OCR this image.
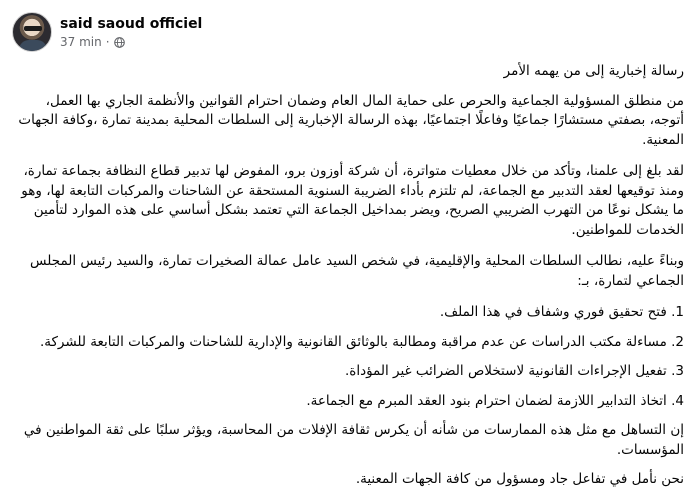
said saoud officiel
37 min ·

رسالة إخبارية إلى من يهمه الأمر

من منطلق المسؤولية الجماعية والحرص على حماية المال العام وضمان احترام القوانين والأنظمة الجاري بها العمل، أتوجه، بصفتي مستشارًا جماعيًا وفاعلًا اجتماعيًا، بهذه الرسالة الإخبارية إلى السلطات المحلية بمدينة تمارة ،وكافة الجهات المعنية.

لقد بلغ إلى علمنا، وتأكد من خلال معطيات متواترة، أن شركة أوزون برو، المفوض لها تدبير قطاع النظافة بجماعة تمارة، ومنذ توقيعها لعقد التدبير مع الجماعة، لم تلتزم بأداء الضريبة السنوية المستحقة عن الشاحنات والمركبات التابعة لها، وهو ما يشكل نوعًا من التهرب الضريبي الصريح، ويضر بمداخيل الجماعة التي تعتمد بشكل أساسي على هذه الموارد لتأمين الخدمات للمواطنين.

وبناءً عليه، نطالب السلطات المحلية والإقليمية، في شخص السيد عامل عمالة الصخيرات تمارة، والسيد رئيس المجلس الجماعي لتمارة، بـ:

1. فتح تحقيق فوري وشفاف في هذا الملف.

2. مساءلة مكتب الدراسات عن عدم مراقبة ومطالبة بالوثائق القانونية والإدارية للشاحنات والمركبات التابعة للشركة.

3. تفعيل الإجراءات القانونية لاستخلاص الضرائب غير المؤداة.

4. اتخاذ التدابير اللازمة لضمان احترام بنود العقد المبرم مع الجماعة.

إن التساهل مع مثل هذه الممارسات من شأنه أن يكرس ثقافة الإفلات من المحاسبة، ويؤثر سلبًا على ثقة المواطنين في المؤسسات.

نحن نأمل في تفاعل جاد ومسؤول من كافة الجهات المعنية.
